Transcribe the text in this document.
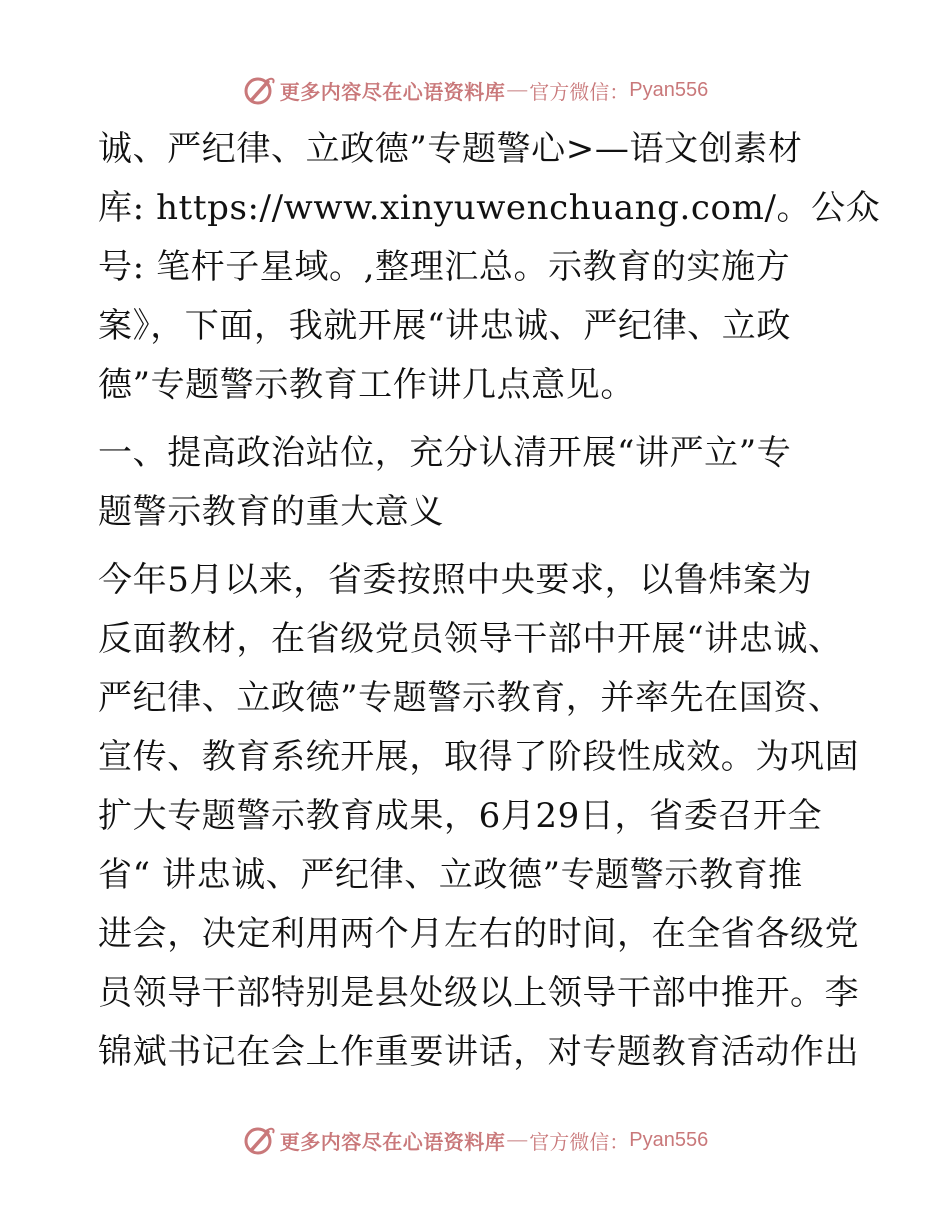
更多内容尽在心语资料库 — 官方微信： Pyan556
诚、严纪律、立政德”专题警心>—语文创素材
库: https://www.xinyuwenchuang.com/。公众
号: 笔杆子星域。,整理汇总。示教育的实施方
案》，下面，我就开展“讲忠诚、严纪律、立政
德”专题警示教育工作讲几点意见。
一、提高政治站位，充分认清开展“讲严立”专
题警示教育的重大意义
今年5月以来，省委按照中央要求，以鲁炜案为
反面教材，在省级党员领导干部中开展“讲忠诚、
严纪律、立政德”专题警示教育，并率先在国资、
宣传、教育系统开展，取得了阶段性成效。为巩固
扩大专题警示教育成果，6月29日，省委召开全
省“ 讲忠诚、严纪律、立政德”专题警示教育推
进会，决定利用两个月左右的时间，在全省各级党
员领导干部特别是县处级以上领导干部中推开。李
锦斌书记在会上作重要讲话，对专题教育活动作出
更多内容尽在心语资料库 — 官方微信： Pyan556
